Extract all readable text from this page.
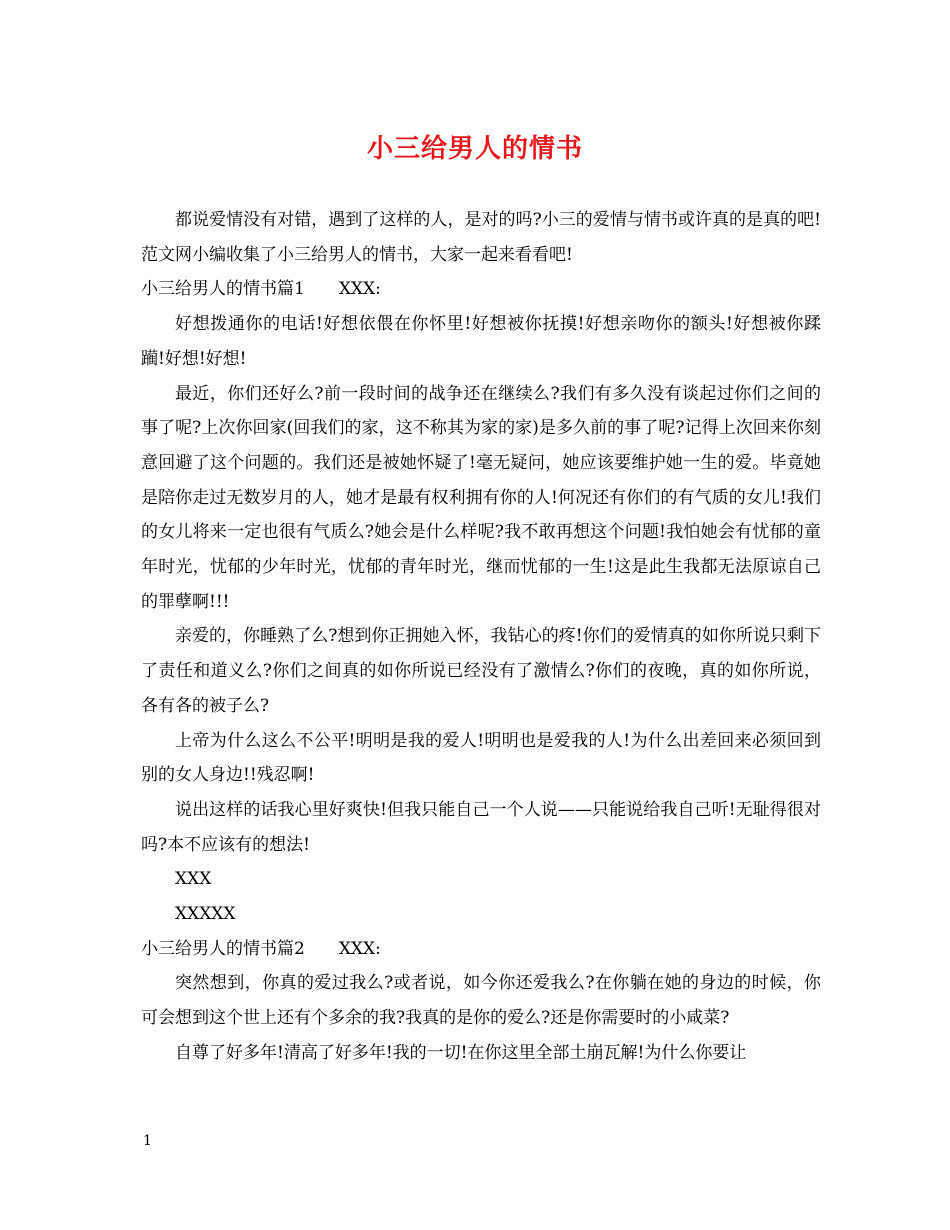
小三给男人的情书

都说爱情没有对错，遇到了这样的人，是对的吗?小三的爱情与情书或许真的是真的吧!范文网小编收集了小三给男人的情书，大家一起来看看吧!

小三给男人的情书篇1　　XXX:

好想拨通你的电话!好想依偎在你怀里!好想被你抚摸!好想亲吻你的额头!好想被你蹂躏!好想!好想!

最近，你们还好么?前一段时间的战争还在继续么?我们有多久没有谈起过你们之间的事了呢?上次你回家(回我们的家，这不称其为家的家)是多久前的事了呢?记得上次回来你刻意回避了这个问题的。我们还是被她怀疑了!毫无疑问，她应该要维护她一生的爱。毕竟她是陪你走过无数岁月的人，她才是最有权利拥有你的人!何况还有你们的有气质的女儿!我们的女儿将来一定也很有气质么?她会是什么样呢?我不敢再想这个问题!我怕她会有忧郁的童年时光，忧郁的少年时光，忧郁的青年时光，继而忧郁的一生!这是此生我都无法原谅自己的罪孽啊!!!

亲爱的，你睡熟了么?想到你正拥她入怀，我钻心的疼!你们的爱情真的如你所说只剩下了责任和道义么?你们之间真的如你所说已经没有了激情么?你们的夜晚，真的如你所说，各有各的被子么?

上帝为什么这么不公平!明明是我的爱人!明明也是爱我的人!为什么出差回来必须回到别的女人身边!!残忍啊!

说出这样的话我心里好爽快!但我只能自己一个人说——只能说给我自己听!无耻得很对吗?本不应该有的想法!

XXX

XXXXX

小三给男人的情书篇2　　XXX:

突然想到，你真的爱过我么?或者说，如今你还爱我么?在你躺在她的身边的时候，你可会想到这个世上还有个多余的我?我真的是你的爱么?还是你需要时的小咸菜?

自尊了好多年!清高了好多年!我的一切!在你这里全部土崩瓦解!为什么你要让

1
